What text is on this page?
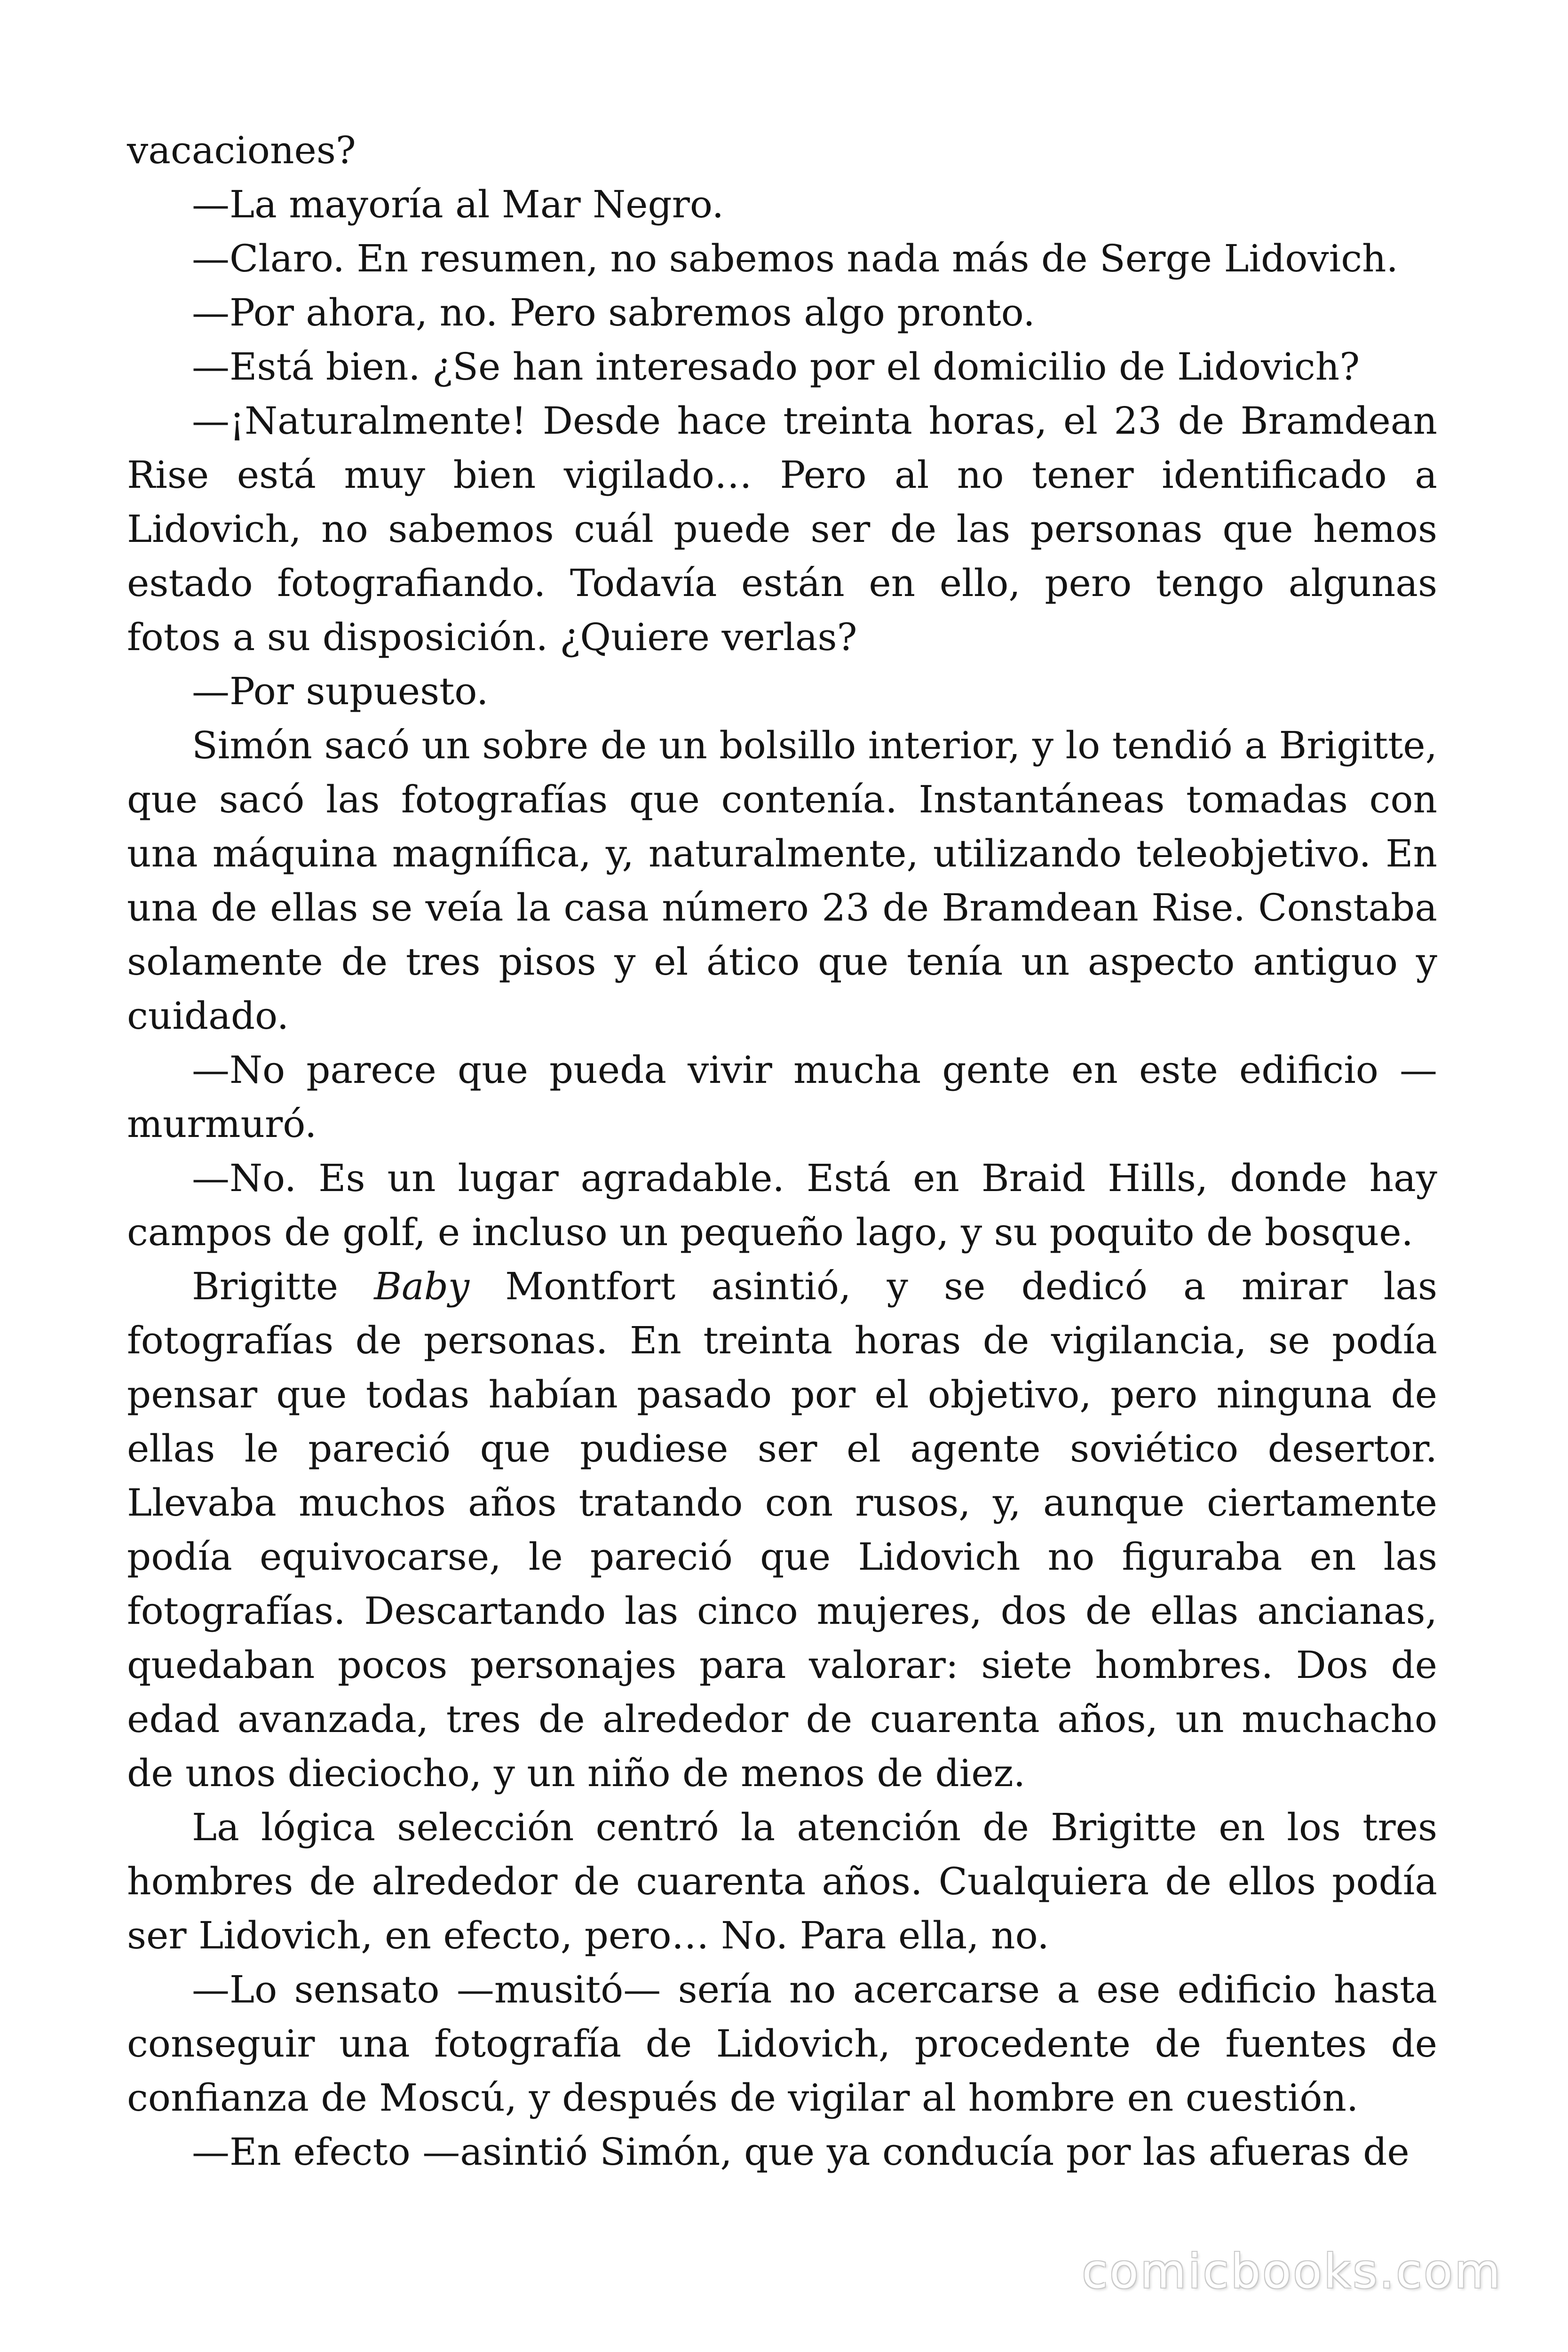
vacaciones?

—La mayoría al Mar Negro.

—Claro. En resumen, no sabemos nada más de Serge Lidovich.

—Por ahora, no. Pero sabremos algo pronto.

—Está bien. ¿Se han interesado por el domicilio de Lidovich?

—¡Naturalmente! Desde hace treinta horas, el 23 de Bramdean Rise está muy bien vigilado… Pero al no tener identificado a Lidovich, no sabemos cuál puede ser de las personas que hemos estado fotografiando. Todavía están en ello, pero tengo algunas fotos a su disposición. ¿Quiere verlas?

—Por supuesto.

Simón sacó un sobre de un bolsillo interior, y lo tendió a Brigitte, que sacó las fotografías que contenía. Instantáneas tomadas con una máquina magnífica, y, naturalmente, utilizando teleobjetivo. En una de ellas se veía la casa número 23 de Bramdean Rise. Constaba solamente de tres pisos y el ático que tenía un aspecto antiguo y cuidado.

—No parece que pueda vivir mucha gente en este edificio —murmuró.

—No. Es un lugar agradable. Está en Braid Hills, donde hay campos de golf, e incluso un pequeño lago, y su poquito de bosque.

Brigitte Baby Montfort asintió, y se dedicó a mirar las fotografías de personas. En treinta horas de vigilancia, se podía pensar que todas habían pasado por el objetivo, pero ninguna de ellas le pareció que pudiese ser el agente soviético desertor. Llevaba muchos años tratando con rusos, y, aunque ciertamente podía equivocarse, le pareció que Lidovich no figuraba en las fotografías. Descartando las cinco mujeres, dos de ellas ancianas, quedaban pocos personajes para valorar: siete hombres. Dos de edad avanzada, tres de alrededor de cuarenta años, un muchacho de unos dieciocho, y un niño de menos de diez.

La lógica selección centró la atención de Brigitte en los tres hombres de alrededor de cuarenta años. Cualquiera de ellos podía ser Lidovich, en efecto, pero… No. Para ella, no.

—Lo sensato —musitó— sería no acercarse a ese edificio hasta conseguir una fotografía de Lidovich, procedente de fuentes de confianza de Moscú, y después de vigilar al hombre en cuestión.

—En efecto —asintió Simón, que ya conducía por las afueras de

comicbooks.com
